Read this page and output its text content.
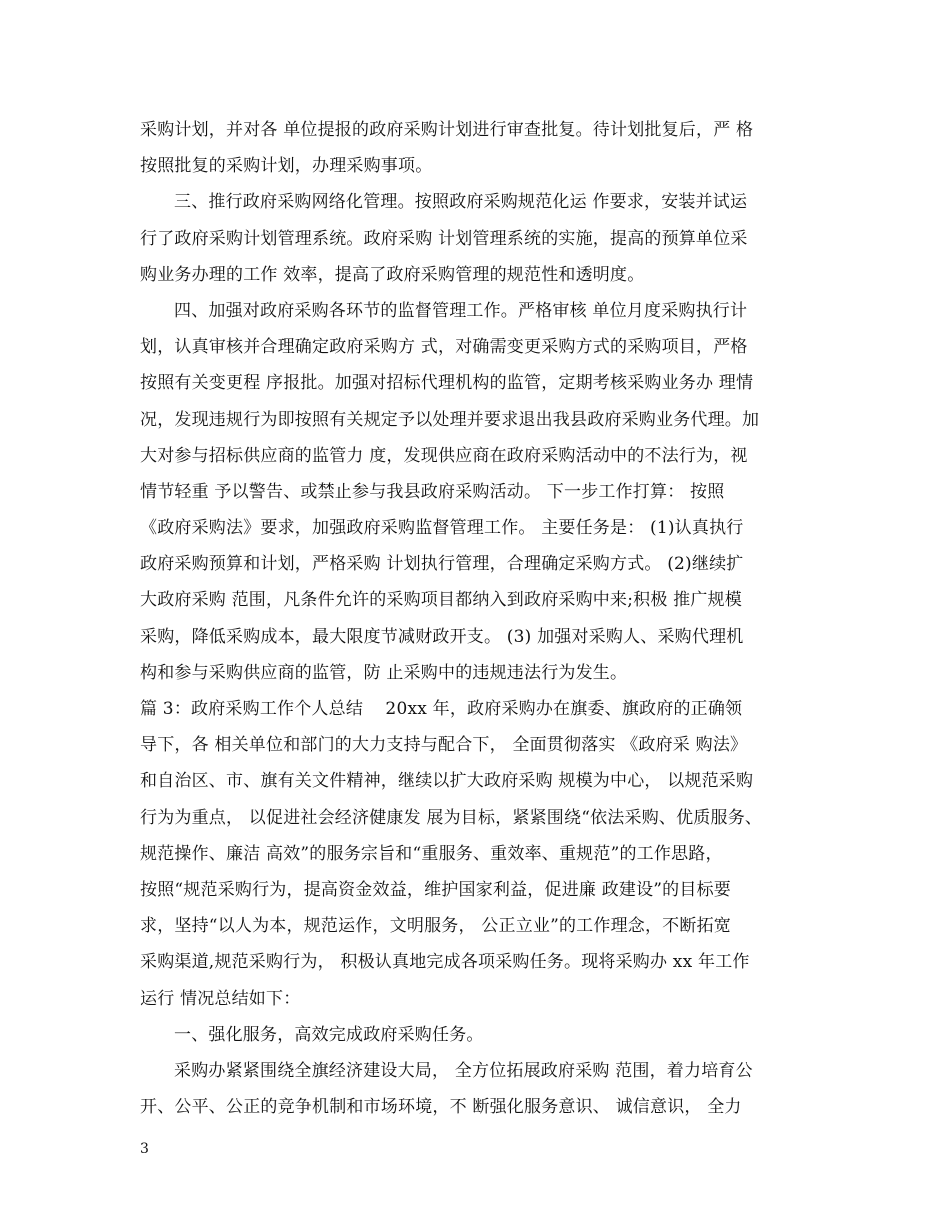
采购计划，并对各 单位提报的政府采购计划进行审查批复。待计划批复后，严 格
按照批复的采购计划，办理采购事项。
三、推行政府采购网络化管理。按照政府采购规范化运 作要求，安装并试运
行了政府采购计划管理系统。政府采购 计划管理系统的实施，提高的预算单位采
购业务办理的工作 效率，提高了政府采购管理的规范性和透明度。
四、加强对政府采购各环节的监督管理工作。严格审核 单位月度采购执行计
划，认真审核并合理确定政府采购方 式，对确需变更采购方式的采购项目，严格
按照有关变更程 序报批。加强对招标代理机构的监管，定期考核采购业务办 理情
况，发现违规行为即按照有关规定予以处理并要求退出我县政府采购业务代理。加
大对参与招标供应商的监管力 度，发现供应商在政府采购活动中的不法行为，视
情节轻重 予以警告、或禁止参与我县政府采购活动。 下一步工作打算： 按照
《政府采购法》要求，加强政府采购监督管理工作。 主要任务是： (1)认真执行
政府采购预算和计划，严格采购 计划执行管理，合理确定采购方式。 (2)继续扩
大政府采购 范围，凡条件允许的采购项目都纳入到政府采购中来;积极 推广规模
采购，降低采购成本，最大限度节减财政开支。 (3) 加强对采购人、采购代理机
构和参与采购供应商的监管，防 止采购中的违规违法行为发生。
篇 3：政府采购工作个人总结    20xx 年，政府采购办在旗委、旗政府的正确领
导下，各 相关单位和部门的大力支持与配合下， 全面贯彻落实 《政府采 购法》
和自治区、市、旗有关文件精神，继续以扩大政府采购 规模为中心， 以规范采购
行为为重点， 以促进社会经济健康发 展为目标，紧紧围绕“依法采购、优质服务、
规范操作、廉洁 高效”的服务宗旨和“重服务、重效率、重规范”的工作思路，
按照“规范采购行为，提高资金效益，维护国家利益，促进廉 政建设”的目标要
求，坚持“以人为本，规范运作，文明服务， 公正立业”的工作理念，不断拓宽
采购渠道,规范采购行为， 积极认真地完成各项采购任务。现将采购办 xx 年工作
运行 情况总结如下：
一、强化服务，高效完成政府采购任务。
采购办紧紧围绕全旗经济建设大局， 全方位拓展政府采购 范围，着力培育公
开、公平、公正的竞争机制和市场环境，不 断强化服务意识、 诚信意识， 全力
3
